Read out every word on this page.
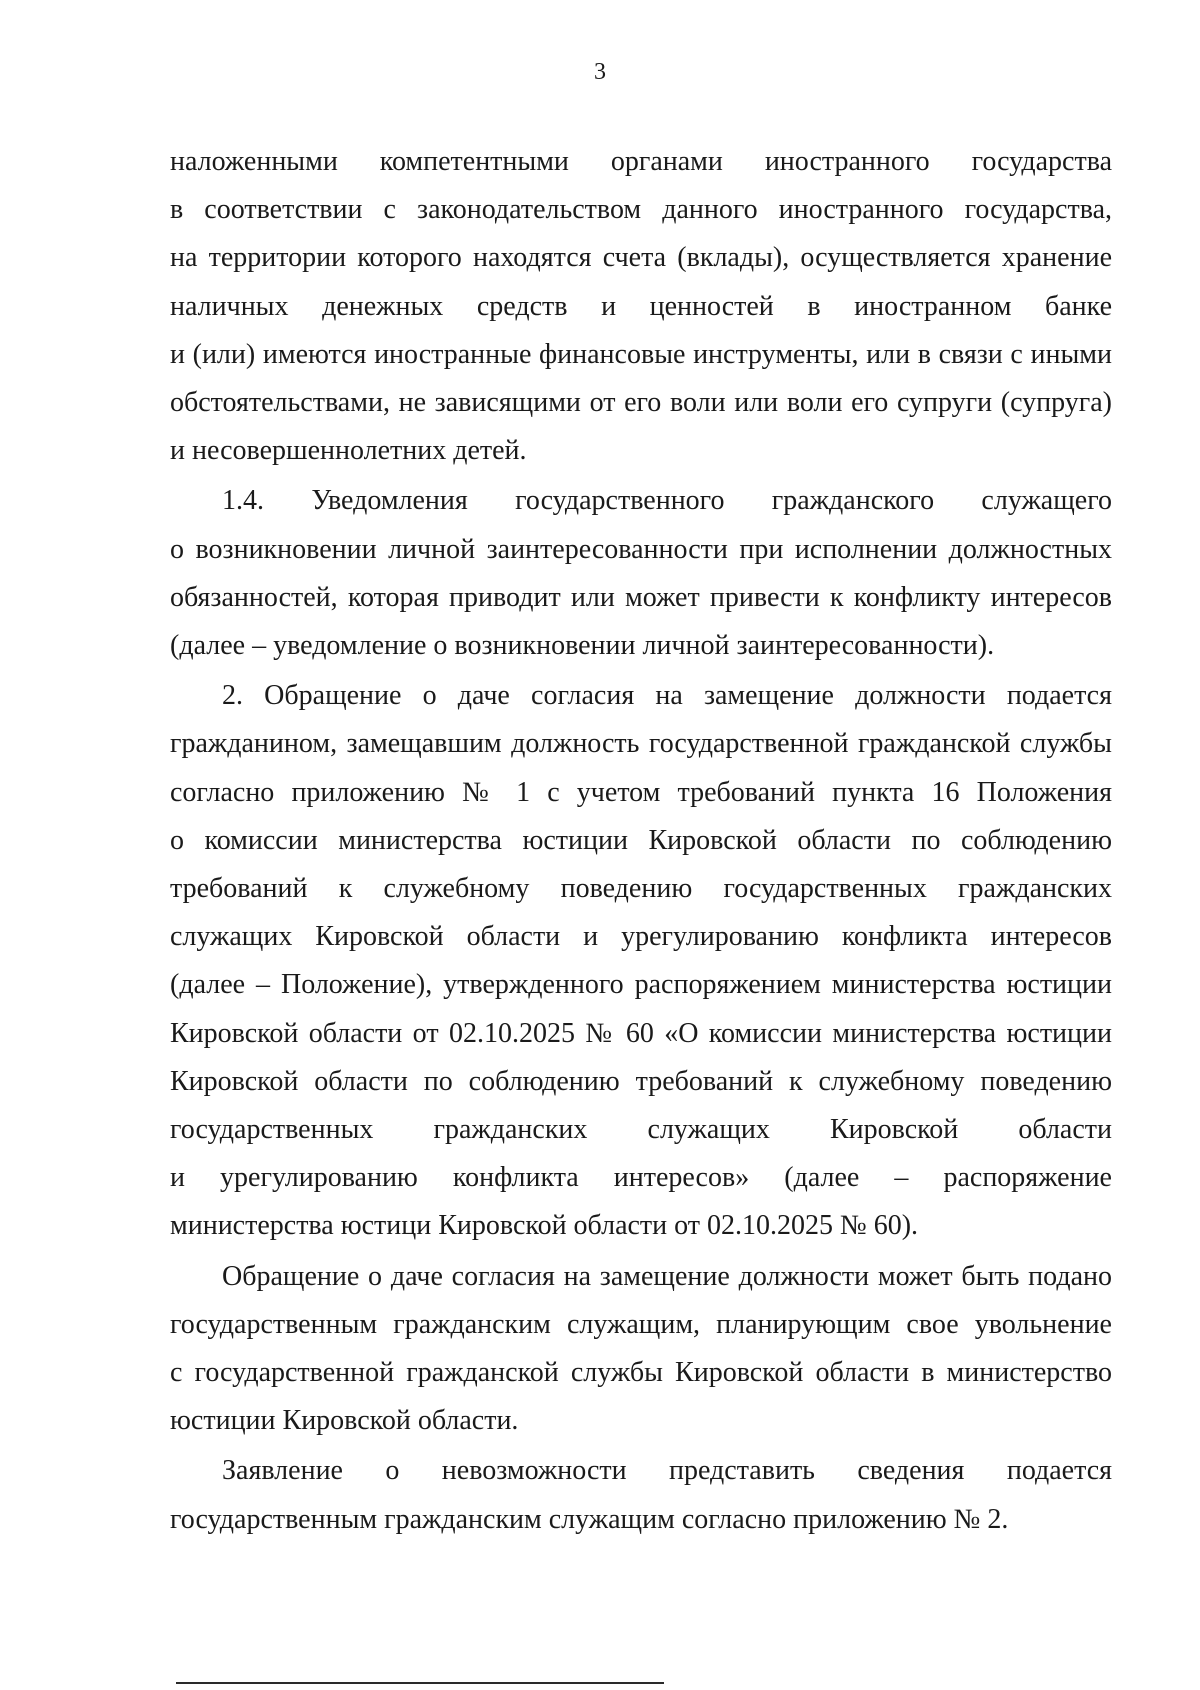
3
наложенными компетентными органами иностранного государства
в соответствии с законодательством данного иностранного государства,
на территории которого находятся счета (вклады), осуществляется хранение
наличных денежных средств и ценностей в иностранном банке
и (или) имеются иностранные финансовые инструменты, или в связи с иными
обстоятельствами, не зависящими от его воли или воли его супруги (супруга)
и несовершеннолетних детей.
1.4. Уведомления государственного гражданского служащего
о возникновении личной заинтересованности при исполнении должностных
обязанностей, которая приводит или может привести к конфликту интересов
(далее – уведомление о возникновении личной заинтересованности).
2. Обращение о даче согласия на замещение должности подается
гражданином, замещавшим должность государственной гражданской службы
согласно приложению № 1 с учетом требований пункта 16 Положения
о комиссии министерства юстиции Кировской области по соблюдению
требований к служебному поведению государственных гражданских
служащих Кировской области и урегулированию конфликта интересов
(далее – Положение), утвержденного распоряжением министерства юстиции
Кировской области от 02.10.2025 № 60 «О комиссии министерства юстиции
Кировской области по соблюдению требований к служебному поведению
государственных гражданских служащих Кировской области
и урегулированию конфликта интересов» (далее – распоряжение
министерства юстици Кировской области от 02.10.2025 № 60).
Обращение о даче согласия на замещение должности может быть подано
государственным гражданским служащим, планирующим свое увольнение
с государственной гражданской службы Кировской области в министерство
юстиции Кировской области.
Заявление о невозможности представить сведения подается
государственным гражданским служащим согласно приложению № 2.
